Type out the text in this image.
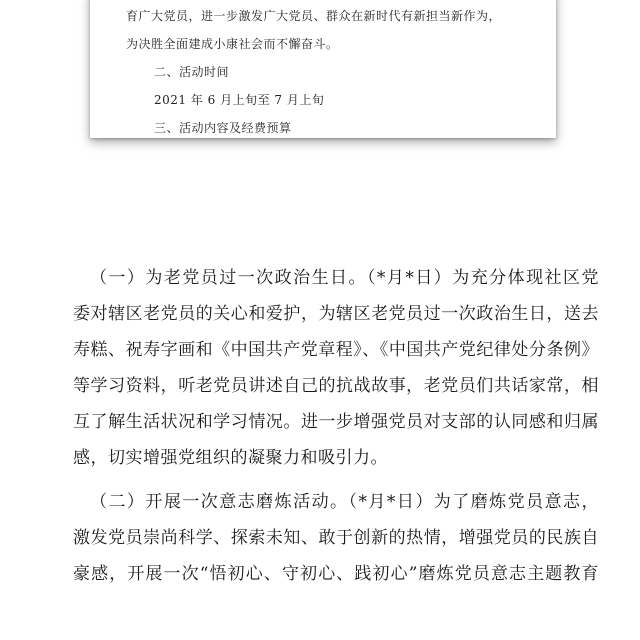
育广大党员，进一步激发广大党员、群众在新时代有新担当新作为，
为决胜全面建成小康社会而不懈奋斗。
二、活动时间
2021 年 6 月上旬至 7 月上旬
三、活动内容及经费预算
（一）为老党员过一次政治生日。（*月*日）为充分体现社区党
委对辖区老党员的关心和爱护，为辖区老党员过一次政治生日，送去
寿糕、祝寿字画和《中国共产党章程》、《中国共产党纪律处分条例》
等学习资料，听老党员讲述自己的抗战故事，老党员们共话家常，相
互了解生活状况和学习情况。进一步增强党员对支部的认同感和归属
感，切实增强党组织的凝聚力和吸引力。
（二）开展一次意志磨炼活动。（*月*日）为了磨炼党员意志，
激发党员崇尚科学、探索未知、敢于创新的热情，增强党员的民族自
豪感，开展一次“悟初心、守初心、践初心”磨炼党员意志主题教育
